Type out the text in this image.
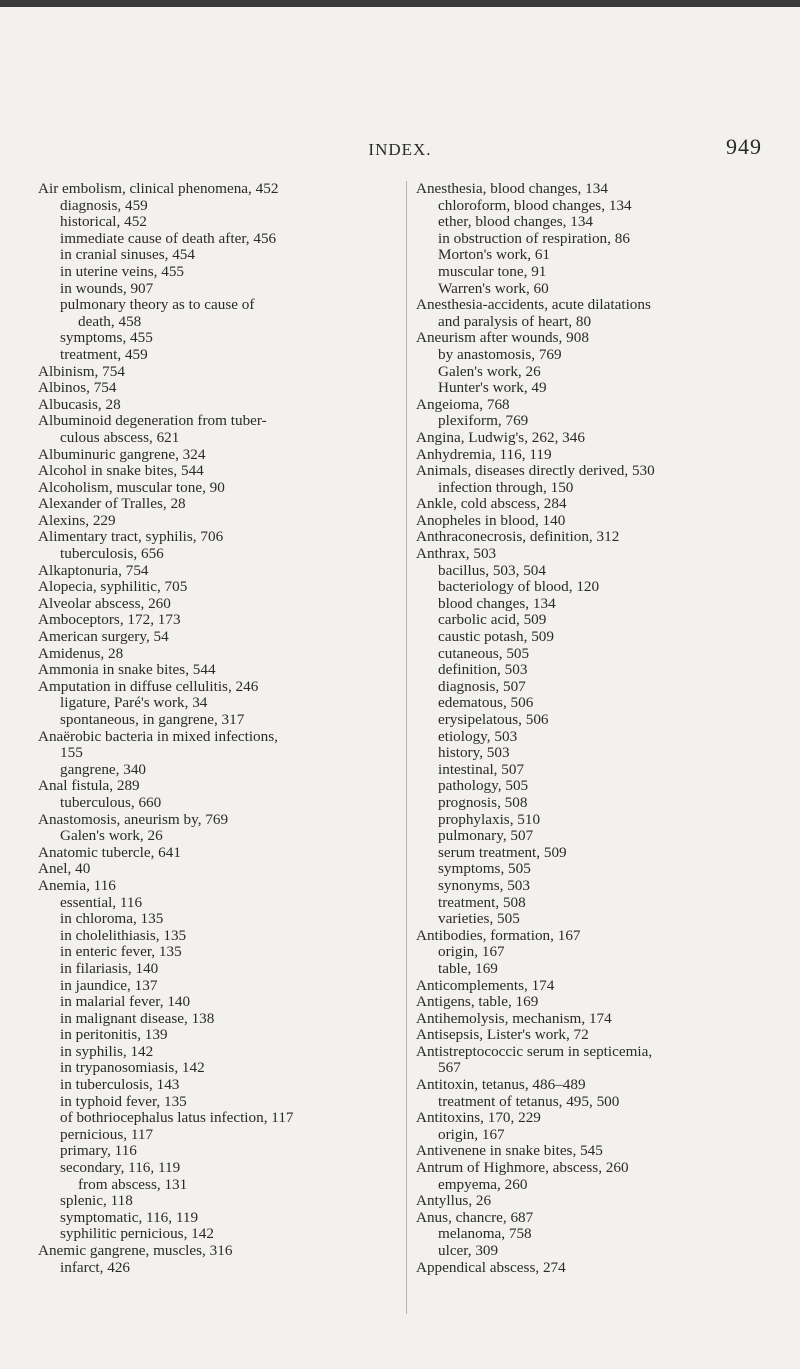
INDEX.	949
Air embolism, clinical phenomena, 452
diagnosis, 459
historical, 452
immediate cause of death after, 456
in cranial sinuses, 454
in uterine veins, 455
in wounds, 907
pulmonary theory as to cause of
death, 458
symptoms, 455
treatment, 459
Albinism, 754
Albinos, 754
Albucasis, 28
Albuminoid degeneration from tuber-
culous abscess, 621
Albuminuric gangrene, 324
Alcohol in snake bites, 544
Alcoholism, muscular tone, 90
Alexander of Tralles, 28
Alexins, 229
Alimentary tract, syphilis, 706
tuberculosis, 656
Alkaptonuria, 754
Alopecia, syphilitic, 705
Alveolar abscess, 260
Amboceptors, 172, 173
American surgery, 54
Amidenus, 28
Ammonia in snake bites, 544
Amputation in diffuse cellulitis, 246
ligature, Paré's work, 34
spontaneous, in gangrene, 317
Anaërobic bacteria in mixed infections,
155
gangrene, 340
Anal fistula, 289
tuberculous, 660
Anastomosis, aneurism by, 769
Galen's work, 26
Anatomic tubercle, 641
Anel, 40
Anemia, 116
essential, 116
in chloroma, 135
in cholelithiasis, 135
in enteric fever, 135
in filariasis, 140
in jaundice, 137
in malarial fever, 140
in malignant disease, 138
in peritonitis, 139
in syphilis, 142
in trypanosomiasis, 142
in tuberculosis, 143
in typhoid fever, 135
of bothriocephalus latus infection, 117
pernicious, 117
primary, 116
secondary, 116, 119
from abscess, 131
splenic, 118
symptomatic, 116, 119
syphilitic pernicious, 142
Anemic gangrene, muscles, 316
infarct, 426
Anesthesia, blood changes, 134
chloroform, blood changes, 134
ether, blood changes, 134
in obstruction of respiration, 86
Morton's work, 61
muscular tone, 91
Warren's work, 60
Anesthesia-accidents, acute dilatations
and paralysis of heart, 80
Aneurism after wounds, 908
by anastomosis, 769
Galen's work, 26
Hunter's work, 49
Angeioma, 768
plexiform, 769
Angina, Ludwig's, 262, 346
Anhydremia, 116, 119
Animals, diseases directly derived, 530
infection through, 150
Ankle, cold abscess, 284
Anopheles in blood, 140
Anthraconecrosis, definition, 312
Anthrax, 503
bacillus, 503, 504
bacteriology of blood, 120
blood changes, 134
carbolic acid, 509
caustic potash, 509
cutaneous, 505
definition, 503
diagnosis, 507
edematous, 506
erysipelatous, 506
etiology, 503
history, 503
intestinal, 507
pathology, 505
prognosis, 508
prophylaxis, 510
pulmonary, 507
serum treatment, 509
symptoms, 505
synonyms, 503
treatment, 508
varieties, 505
Antibodies, formation, 167
origin, 167
table, 169
Anticomplements, 174
Antigens, table, 169
Antihemolysis, mechanism, 174
Antisepsis, Lister's work, 72
Antistreptococcic serum in septicemia,
567
Antitoxin, tetanus, 486–489
treatment of tetanus, 495, 500
Antitoxins, 170, 229
origin, 167
Antivenene in snake bites, 545
Antrum of Highmore, abscess, 260
empyema, 260
Antyllus, 26
Anus, chancre, 687
melanoma, 758
ulcer, 309
Appendical abscess, 274
